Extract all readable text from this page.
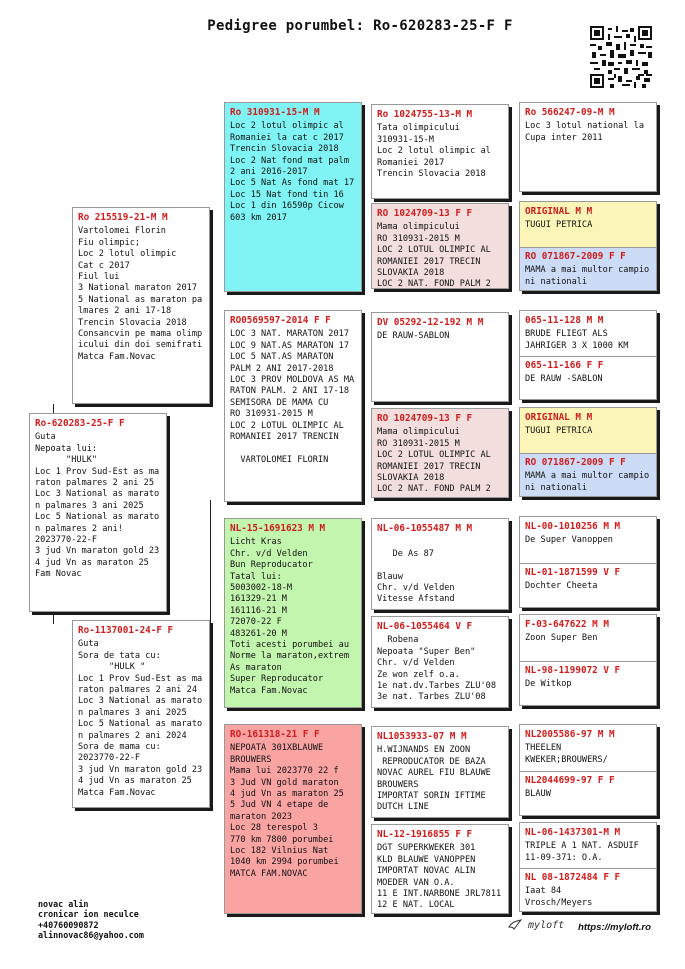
Pedigree porumbel: Ro-620283-25-F F
Ro-620283-25-F F
Guta
Nepoata lui:
"HULK"
Loc 1 Prov Sud-Est as ma
raton palmares 2 ani 25
Loc 3 National as marato
n palmares 3 ani 2025
Loc 5 National as marato
n palmares 2 ani!
2023770-22-F
3 jud Vn maraton gold 23
4 jud Vn as maraton 25
Fam Novac
Ro 215519-21-M M
Vartolomei Florin
Fiu olimpic;
Loc 2 lotul olimpic
Cat c 2017
Fiul lui
3 National maraton 2017
5 National as maraton pa
lmares 2 ani 17-18
Trencin Slovacia 2018
Consancvin pe mama olimp
icului din doi semifrati
Matca Fam.Novac
Ro-1137001-24-F F
Guta
Sora de tata cu:
"HULK "
Loc 1 Prov Sud-Est as ma
raton palmares 2 ani 24
Loc 3 National as marato
n palmares 3 ani 2025
Loc 5 National as marato
n palmares 2 ani 2024
Sora de mama cu:
2023770-22-F
3 jud Vn maraton gold 23
4 jud Vn as maraton 25
Matca Fam.Novac
Ro 310931-15-M M
Loc 2 lotul olimpic al
Romaniei la cat c 2017
Trencin Slovacia 2018
Loc 2 Nat fond mat palm
2 ani 2016-2017
Loc 5 Nat As fond mat 17
Loc 15 Nat fond tin 16
Loc 1 din 16590p Cicow
603 km 2017
RO0569597-2014 F F
LOC 3 NAT. MARATON 2017
LOC 9 NAT.AS MARATON 17
LOC 5 NAT.AS MARATON
PALM 2 ANI 2017-2018
LOC 3 PROV MOLDOVA AS MA
RATON PALM. 2 ANI 17-18
SEMISORA DE MAMA CU
RO 310931-2015 M
LOC 2 LOTUL OLIMPIC AL
ROMANIEI 2017 TRENCIN

VARTOLOMEI FLORIN
NL-15-1691623 M M
Licht Kras
Chr. v/d Velden
Bun Reproducator
Tatal lui:
5003002-18-M
161329-21 M
161116-21 M
72070-22 F
483261-20 M
Toti acesti porumbei au
Norme la maraton,extrem
As maraton
Super Reproducator
Matca Fam.Novac
RO-161318-21 F F
NEPOATA 301XBLAUWE
BROUWERS
Mama lui 2023770 22 f
3 Jud VN gold maraton
4 jud Vn as maraton 25
5 Jud VN 4 etape de
maraton 2023
Loc 28 terespol 3
770 km 7800 porumbei
Loc 182 Vilnius Nat
1040 km 2994 porumbei
MATCA FAM.NOVAC
Ro 1024755-13-M M
Tata olimpicului
310931-15-M
Loc 2 lotul olimpic al
Romaniei 2017
Trencin Slovacia 2018
RO 1024709-13 F F
Mama olimpicului
RO 310931-2015 M
LOC 2 LOTUL OLIMPIC AL
ROMANIEI 2017 TRECIN
SLOVAKIA 2018
LOC 2 NAT. FOND PALM 2
DV 05292-12-192 M M
DE RAUW-SABLON
RO 1024709-13 F F
Mama olimpicului
RO 310931-2015 M
LOC 2 LOTUL OLIMPIC AL
ROMANIEI 2017 TRECIN
SLOVAKIA 2018
LOC 2 NAT. FOND PALM 2
NL-06-1055487 M M

De As 87

Blauw
Chr. v/d Velden
Vitesse Afstand
NL-06-1055464 V F
Robena
Nepoata "Super Ben"
Chr. v/d Velden
Ze won zelf o.a.
1e nat.dv.Tarbes ZLU'08
3e nat. Tarbes ZLU'08
NL1053933-07 M M
H.WIJNANDS EN ZOON
REPRODUCATOR DE BAZA
NOVAC AUREL FIU BLAUWE
BROUWERS
IMPORTAT SORIN IFTIME
DUTCH LINE
NL-12-1916855 F F
DGT SUPERKWEKER 301
KLD BLAUWE VANOPPEN
IMPORTAT NOVAC ALIN
MOEDER VAN O.A.
11 E INT.NARBONE JRL7811
12 E NAT. LOCAL
Ro 566247-09-M M
Loc 3 lotul national la
Cupa inter 2011
ORIGINAL M M
TUGUI PETRICA
RO 071867-2009 F F
MAMA a mai multor campio
ni nationali
065-11-128 M M
BRUDE FLIEGT ALS
JAHRIGER 3 X 1000 KM
065-11-166 F F
DE RAUW -SABLON
ORIGINAL M M
TUGUI PETRICA
RO 071867-2009 F F
MAMA a mai multor campio
ni nationali
NL-00-1010256 M M
De Super Vanoppen
NL-01-1871599 V F
Dochter Cheeta
F-03-647622 M M
Zoon Super Ben
NL-98-1199072 V F
De Witkop
NL2005586-97 M M
THEELEN
KWEKER;BROUWERS/
NL2044699-97 F F
BLAUW
NL-06-1437301-M M
TRIPLE A 1 NAT. ASDUIF
11-09-371: O.A.
NL 08-1872484 F F
Iaat 84
Vrosch/Meyers
novac alin
cronicar ion neculce
+40760090872
alinnovac86@yahoo.com
myloft https://myloft.ro
